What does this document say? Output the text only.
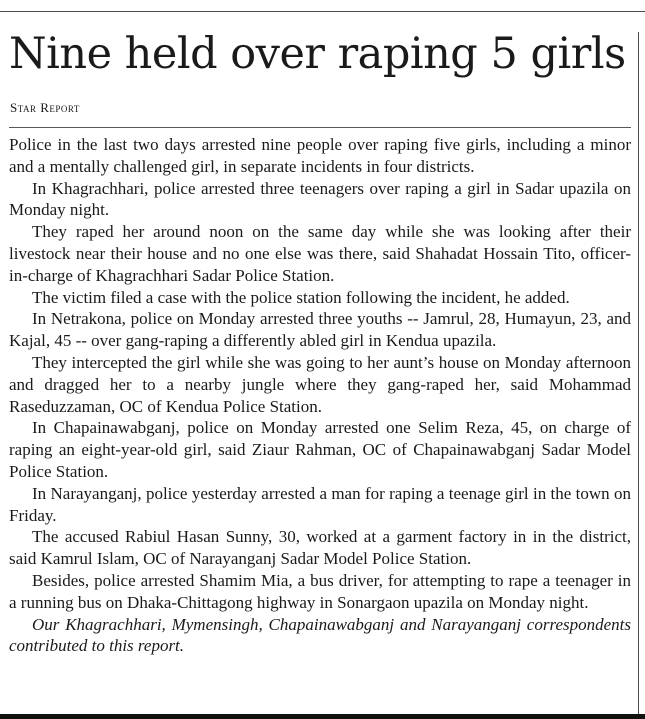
Nine held over raping 5 girls
Star Report

Police in the last two days arrested nine people over raping five girls, including a minor and a mentally challenged girl, in separate incidents in four districts.

In Khagrachhari, police arrested three teenagers over raping a girl in Sadar upazila on Monday night.

They raped her around noon on the same day while she was looking after their livestock near their house and no one else was there, said Shahadat Hossain Tito, officer-in-charge of Khagrachhari Sadar Police Station.

The victim filed a case with the police station following the incident, he added.

In Netrakona, police on Monday arrested three youths -- Jamrul, 28, Humayun, 23, and Kajal, 45 -- over gang-raping a differently abled girl in Kendua upazila.

They intercepted the girl while she was going to her aunt’s house on Monday afternoon and dragged her to a nearby jungle where they gang-raped her, said Mohammad Raseduzzaman, OC of Kendua Police Station.

In Chapainawabganj, police on Monday arrested one Selim Reza, 45, on charge of raping an eight-year-old girl, said Ziaur Rahman, OC of Chapainawabganj Sadar Model Police Station.

In Narayanganj, police yesterday arrested a man for raping a teenage girl in the town on Friday.

The accused Rabiul Hasan Sunny, 30, worked at a garment factory in in the district, said Kamrul Islam, OC of Narayanganj Sadar Model Police Station.

Besides, police arrested Shamim Mia, a bus driver, for attempting to rape a teenager in a running bus on Dhaka-Chittagong highway in Sonargaon upazila on Monday night.

Our Khagrachhari, Mymensingh, Chapainawabganj and Narayanganj correspondents contributed to this report.
